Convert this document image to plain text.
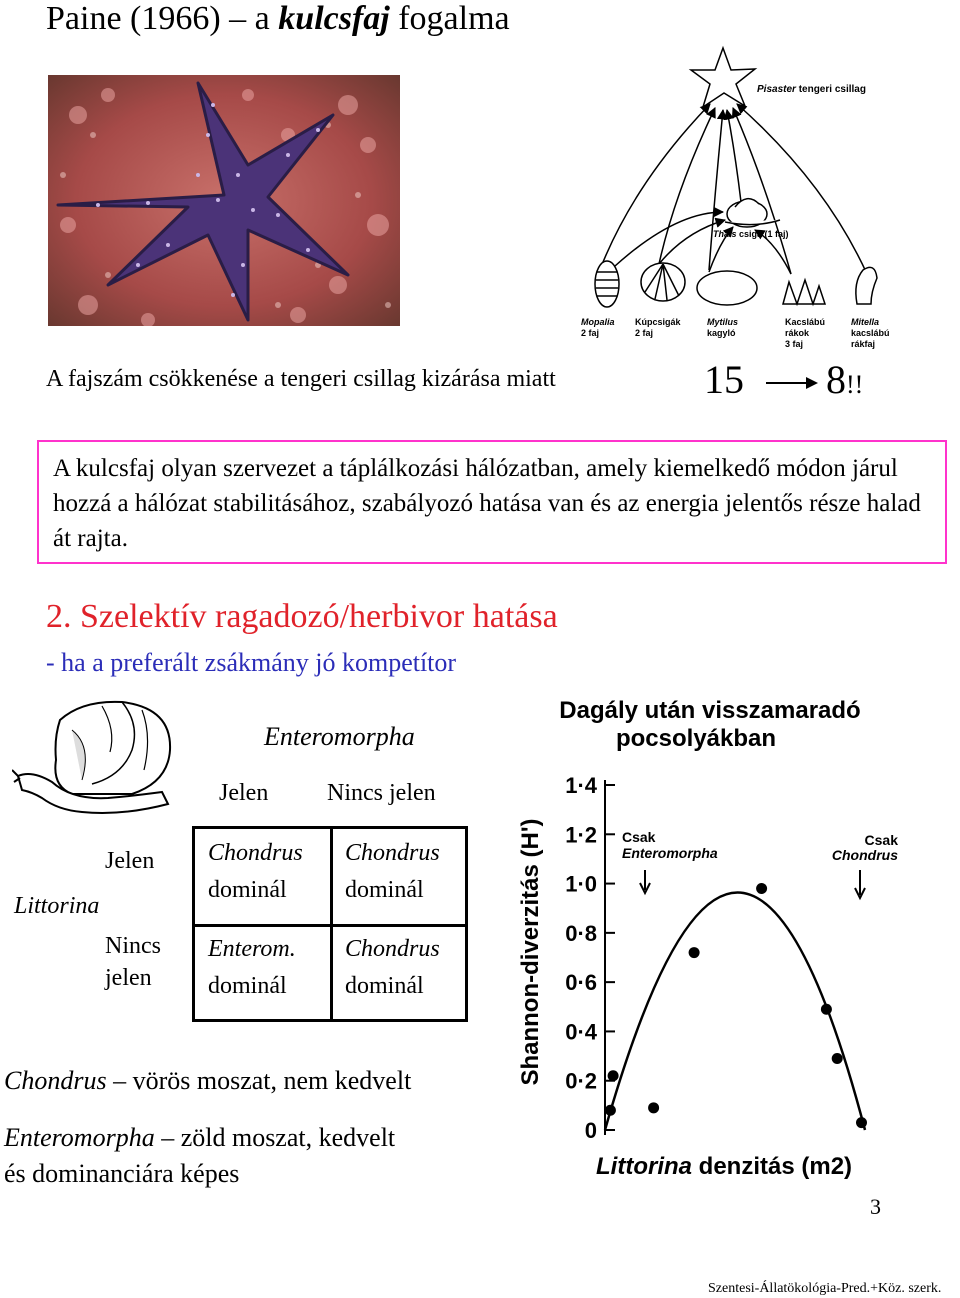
Paine (1966) – a kulcsfaj fogalma
Pisaster tengeri csillag
Thais csiga (1 faj)
Mopalia
2 faj
Kúpcsigák
2 faj
Mytilus
kagyló
Kacslábú
rákok
3 faj
Mitella
kacslábú
rákfaj
A fajszám csökkenése a tengeri csillag kizárása miatt	15 8!!
A kulcsfaj olyan szervezet a táplálkozási hálózatban, amely kiemelkedő módon járul hozzá a hálózat stabilitásához, szabályozó hatása van és az energia jelentős része halad át rajta.
2. Szelektív ragadozó/herbivor hatása
- ha a preferált zsákmány jó kompetítor
Enteromorpha
Jelen Nincs jelen
Jelen
Littorina
Nincs
jelen
Chondrus
dominál
Chondrus
dominál
Enterom.
dominál
Chondrus
dominál
Chondrus – vörös moszat, nem kedvelt
Enteromorpha – zöld moszat, kedvelt
és dominanciára képes
Dagály után visszamaradó
pocsolyákban
Shannon-diverzitás (H')
Littorina denzitás (m2)
0
0·2
0·4
0·6
0·8
1·0
1·2
1·4
Csak
Enteromorpha
Csak
Chondrus
3
Szentesi-Állatökológia-Pred.+Köz. szerk.
